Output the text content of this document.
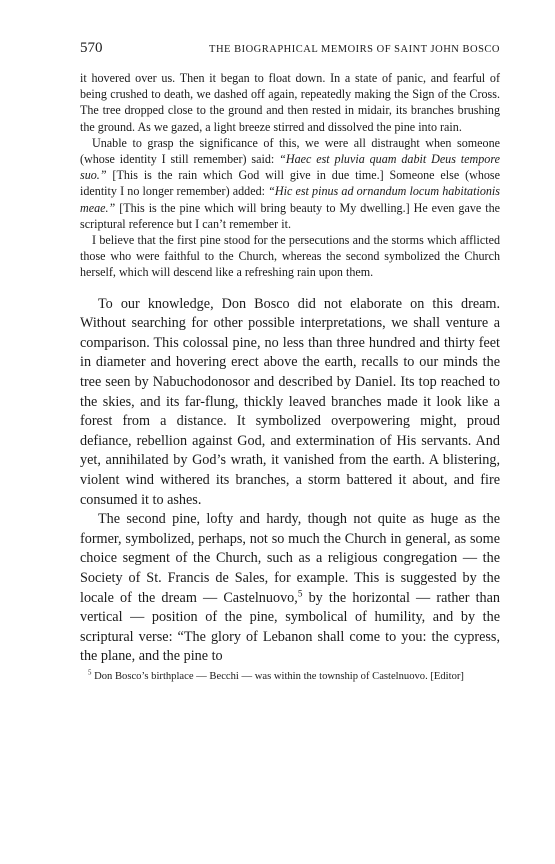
570	THE BIOGRAPHICAL MEMOIRS OF SAINT JOHN BOSCO

it hovered over us. Then it began to float down. In a state of panic, and fearful of being crushed to death, we dashed off again, repeatedly making the Sign of the Cross. The tree dropped close to the ground and then rested in midair, its branches brushing the ground. As we gazed, a light breeze stirred and dissolved the pine into rain.

Unable to grasp the significance of this, we were all distraught when someone (whose identity I still remember) said: “Haec est pluvia quam dabit Deus tempore suo.” [This is the rain which God will give in due time.] Someone else (whose identity I no longer remember) added: “Hic est pinus ad ornandum locum habitationis meae.” [This is the pine which will bring beauty to My dwelling.] He even gave the scriptural reference but I can’t remember it.

I believe that the first pine stood for the persecutions and the storms which afflicted those who were faithful to the Church, whereas the second symbolized the Church herself, which will descend like a refreshing rain upon them.

To our knowledge, Don Bosco did not elaborate on this dream. Without searching for other possible interpretations, we shall venture a comparison. This colossal pine, no less than three hundred and thirty feet in diameter and hovering erect above the earth, recalls to our minds the tree seen by Nabuchodonosor and described by Daniel. Its top reached to the skies, and its far-flung, thickly leaved branches made it look like a forest from a distance. It symbolized overpowering might, proud defiance, rebellion against God, and extermination of His servants. And yet, annihilated by God’s wrath, it vanished from the earth. A blistering, violent wind withered its branches, a storm battered it about, and fire consumed it to ashes.

The second pine, lofty and hardy, though not quite as huge as the former, symbolized, perhaps, not so much the Church in general, as some choice segment of the Church, such as a religious congregation — the Society of St. Francis de Sales, for example. This is suggested by the locale of the dream — Castelnuovo,$^5$ by the horizontal — rather than vertical — position of the pine, symbolical of humility, and by the scriptural verse: “The glory of Lebanon shall come to you: the cypress, the plane, and the pine to

$^5$ Don Bosco’s birthplace — Becchi — was within the township of Castelnuovo. [Editor]
